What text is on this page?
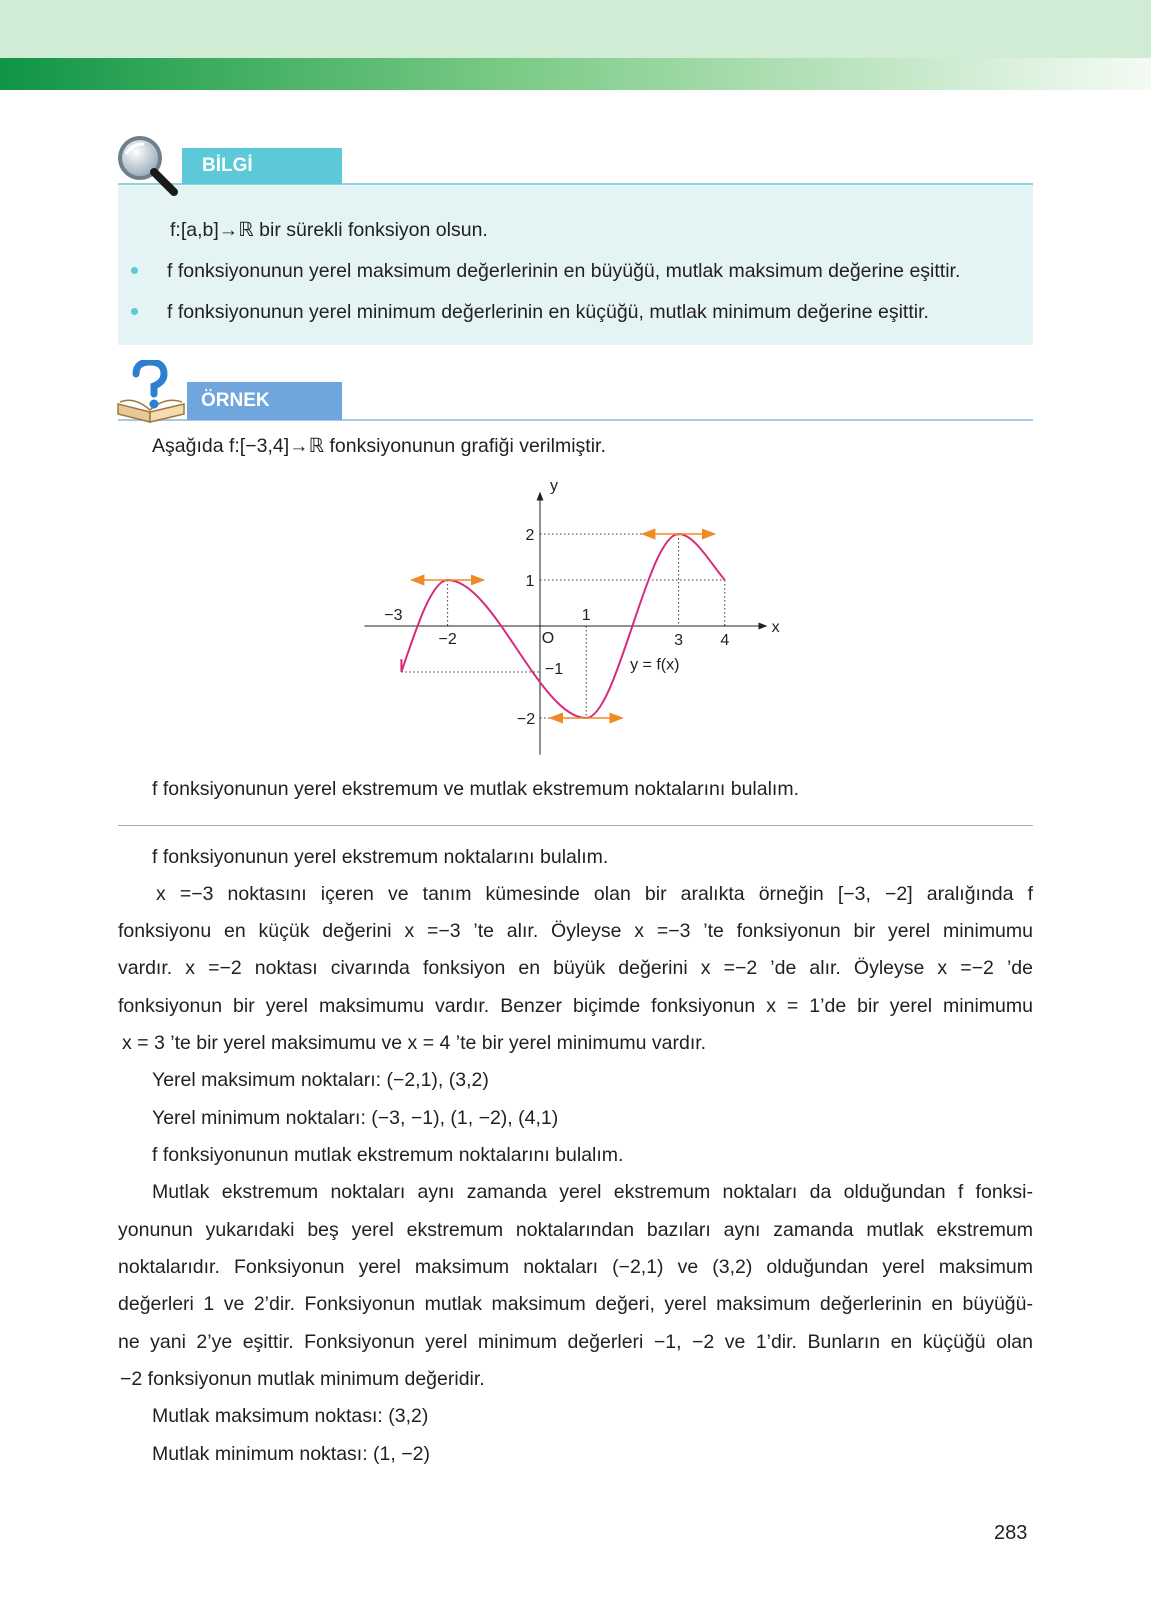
BİLGİ
f:[a,b]→ℝ bir sürekli fonksiyon olsun.
f fonksiyonunun yerel maksimum değerlerinin en büyüğü, mutlak maksimum değerine eşittir.
f fonksiyonunun yerel minimum değerlerinin en küçüğü, mutlak minimum değerine eşittir.
ÖRNEK
Aşağıda f:[−3,4]→ℝ fonksiyonunun grafiği verilmiştir.
x
y
O
y = f(x)
−3
−2
1
3 4
2
1
−1
−2
f fonksiyonunun yerel ekstremum ve mutlak ekstremum noktalarını bulalım.
f fonksiyonunun yerel ekstremum noktalarını bulalım.
x =−3 noktasını içeren ve tanım kümesinde olan bir aralıkta örneğin [−3, −2] aralığında f
fonksiyonu en küçük değerini x =−3 ’te alır. Öyleyse x =−3 ’te fonksiyonun bir yerel minimumu
vardır. x =−2 noktası civarında fonksiyon en büyük değerini x =−2 ’de alır. Öyleyse x =−2 ’de
fonksiyonun bir yerel maksimumu vardır. Benzer biçimde fonksiyonun x = 1’de bir yerel minimumu
x = 3 ’te bir yerel maksimumu ve x = 4 ’te bir yerel minimumu vardır.
Yerel maksimum noktaları: (−2,1), (3,2)
Yerel minimum noktaları: (−3, −1), (1, −2), (4,1)
f fonksiyonunun mutlak ekstremum noktalarını bulalım.
Mutlak ekstremum noktaları aynı zamanda yerel ekstremum noktaları da olduğundan f fonksi-
yonunun yukarıdaki beş yerel ekstremum noktalarından bazıları aynı zamanda mutlak ekstremum
noktalarıdır. Fonksiyonun yerel maksimum noktaları (−2,1) ve (3,2) olduğundan yerel maksimum
değerleri 1 ve 2’dir. Fonksiyonun mutlak maksimum değeri, yerel maksimum değerlerinin en büyüğü-
ne yani 2’ye eşittir. Fonksiyonun yerel minimum değerleri −1, −2 ve 1’dir. Bunların en küçüğü olan
−2 fonksiyonun mutlak minimum değeridir.
Mutlak maksimum noktası: (3,2)
Mutlak minimum noktası: (1, −2)
283
